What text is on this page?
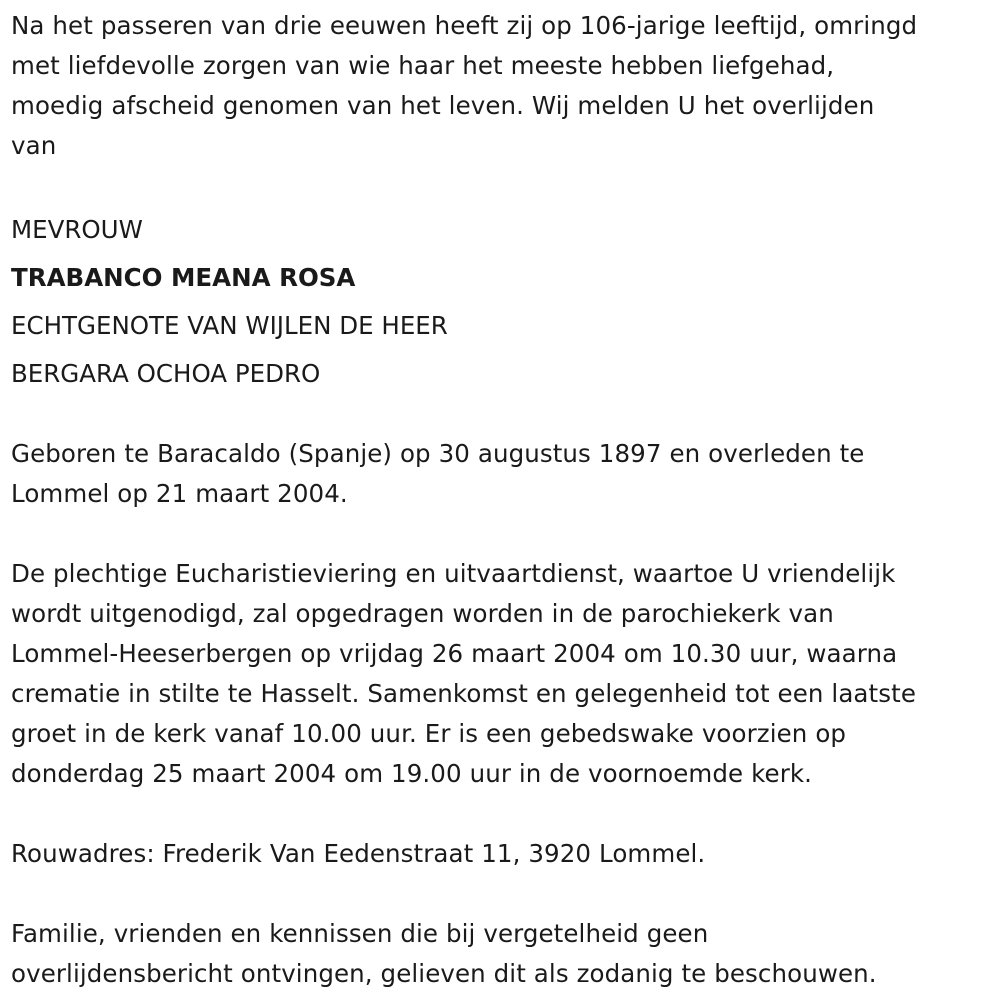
Na het passeren van drie eeuwen heeft zij op 106-jarige leeftijd, omringd
met liefdevolle zorgen van wie haar het meeste hebben liefgehad,
moedig afscheid genomen van het leven. Wij melden U het overlijden
van

MEVROUW
TRABANCO MEANA ROSA
ECHTGENOTE VAN WIJLEN DE HEER
BERGARA OCHOA PEDRO

Geboren te Baracaldo (Spanje) op 30 augustus 1897 en overleden te
Lommel op 21 maart 2004.

De plechtige Eucharistieviering en uitvaartdienst, waartoe U vriendelijk
wordt uitgenodigd, zal opgedragen worden in de parochiekerk van
Lommel-Heeserbergen op vrijdag 26 maart 2004 om 10.30 uur, waarna
crematie in stilte te Hasselt. Samenkomst en gelegenheid tot een laatste
groet in de kerk vanaf 10.00 uur. Er is een gebedswake voorzien op
donderdag 25 maart 2004 om 19.00 uur in de voornoemde kerk.

Rouwadres: Frederik Van Eedenstraat 11, 3920 Lommel.

Familie, vrienden en kennissen die bij vergetelheid geen
overlijdensbericht ontvingen, gelieven dit als zodanig te beschouwen.
